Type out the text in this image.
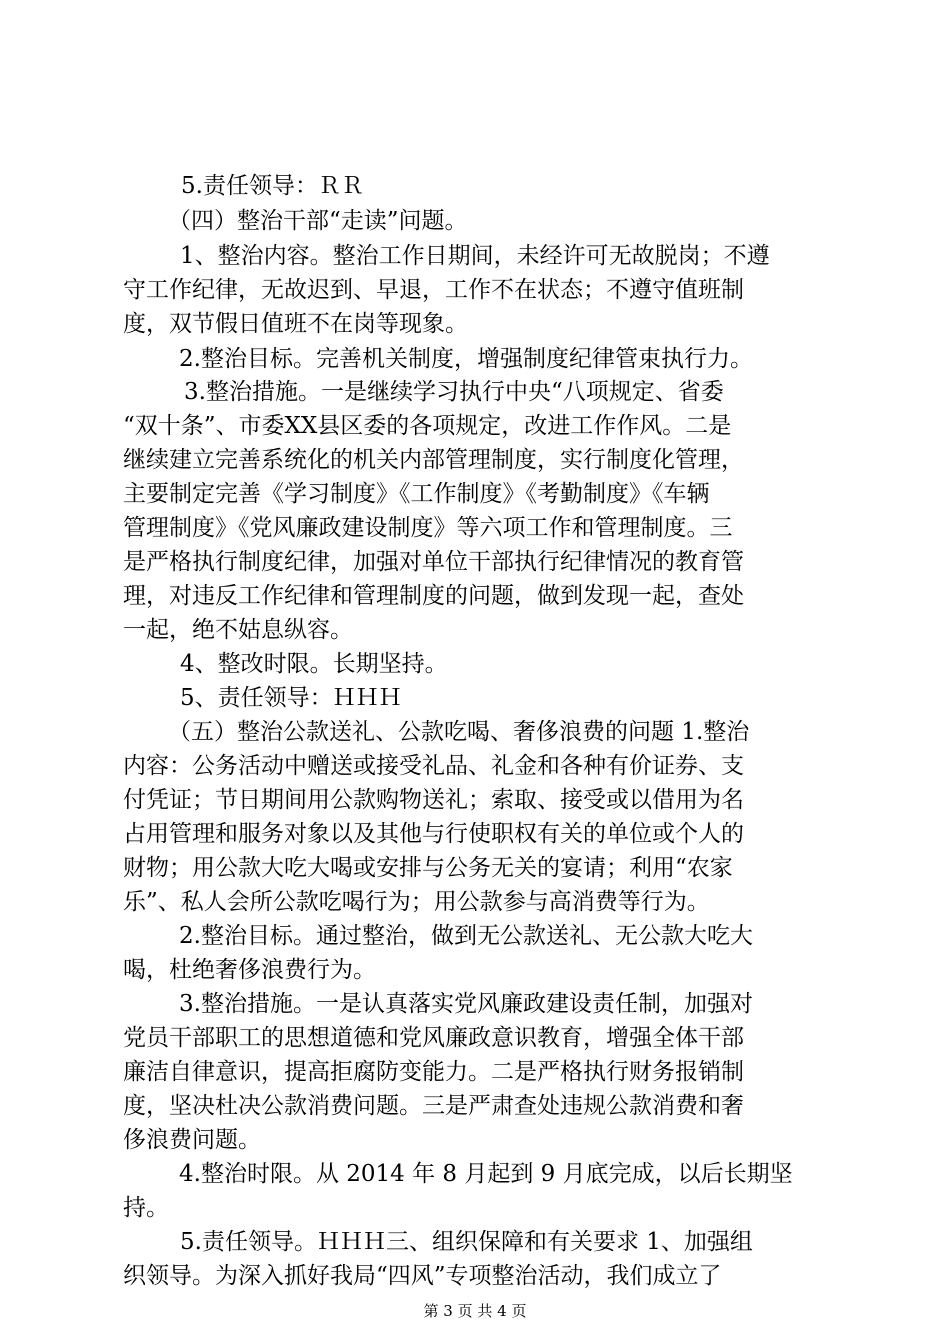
5.责任领导：ＲＲ
（四）整治干部“走读”问题。
1、整治内容。整治工作日期间，未经许可无故脱岗；不遵
守工作纪律，无故迟到、早退，工作不在状态；不遵守值班制
度，双节假日值班不在岗等现象。
2.整治目标。完善机关制度，增强制度纪律管束执行力。
3.整治措施。一是继续学习执行中央“八项规定、省委
“双十条”、市委XX县区委的各项规定，改进工作作风。二是
继续建立完善系统化的机关内部管理制度，实行制度化管理，
主要制定完善《学习制度》《工作制度》《考勤制度》《车辆
管理制度》《党风廉政建设制度》等六项工作和管理制度。三
是严格执行制度纪律，加强对单位干部执行纪律情况的教育管
理，对违反工作纪律和管理制度的问题，做到发现一起，查处
一起，绝不姑息纵容。
4、整改时限。长期坚持。
5、责任领导：ＨＨＨ
（五）整治公款送礼、公款吃喝、奢侈浪费的问题 1.整治
内容：公务活动中赠送或接受礼品、礼金和各种有价证券、支
付凭证；节日期间用公款购物送礼；索取、接受或以借用为名
占用管理和服务对象以及其他与行使职权有关的单位或个人的
财物；用公款大吃大喝或安排与公务无关的宴请；利用“农家
乐”、私人会所公款吃喝行为；用公款参与高消费等行为。
2.整治目标。通过整治，做到无公款送礼、无公款大吃大
喝，杜绝奢侈浪费行为。
3.整治措施。一是认真落实党风廉政建设责任制，加强对
党员干部职工的思想道德和党风廉政意识教育，增强全体干部
廉洁自律意识，提高拒腐防变能力。二是严格执行财务报销制
度，坚决杜决公款消费问题。三是严肃查处违规公款消费和奢
侈浪费问题。
4.整治时限。从 2014 年 8 月起到 9 月底完成，以后长期坚
持。
5.责任领导。ＨＨＨ三、组织保障和有关要求 1、加强组
织领导。为深入抓好我局“四风”专项整治活动，我们成立了
第 3 页 共 4 页
